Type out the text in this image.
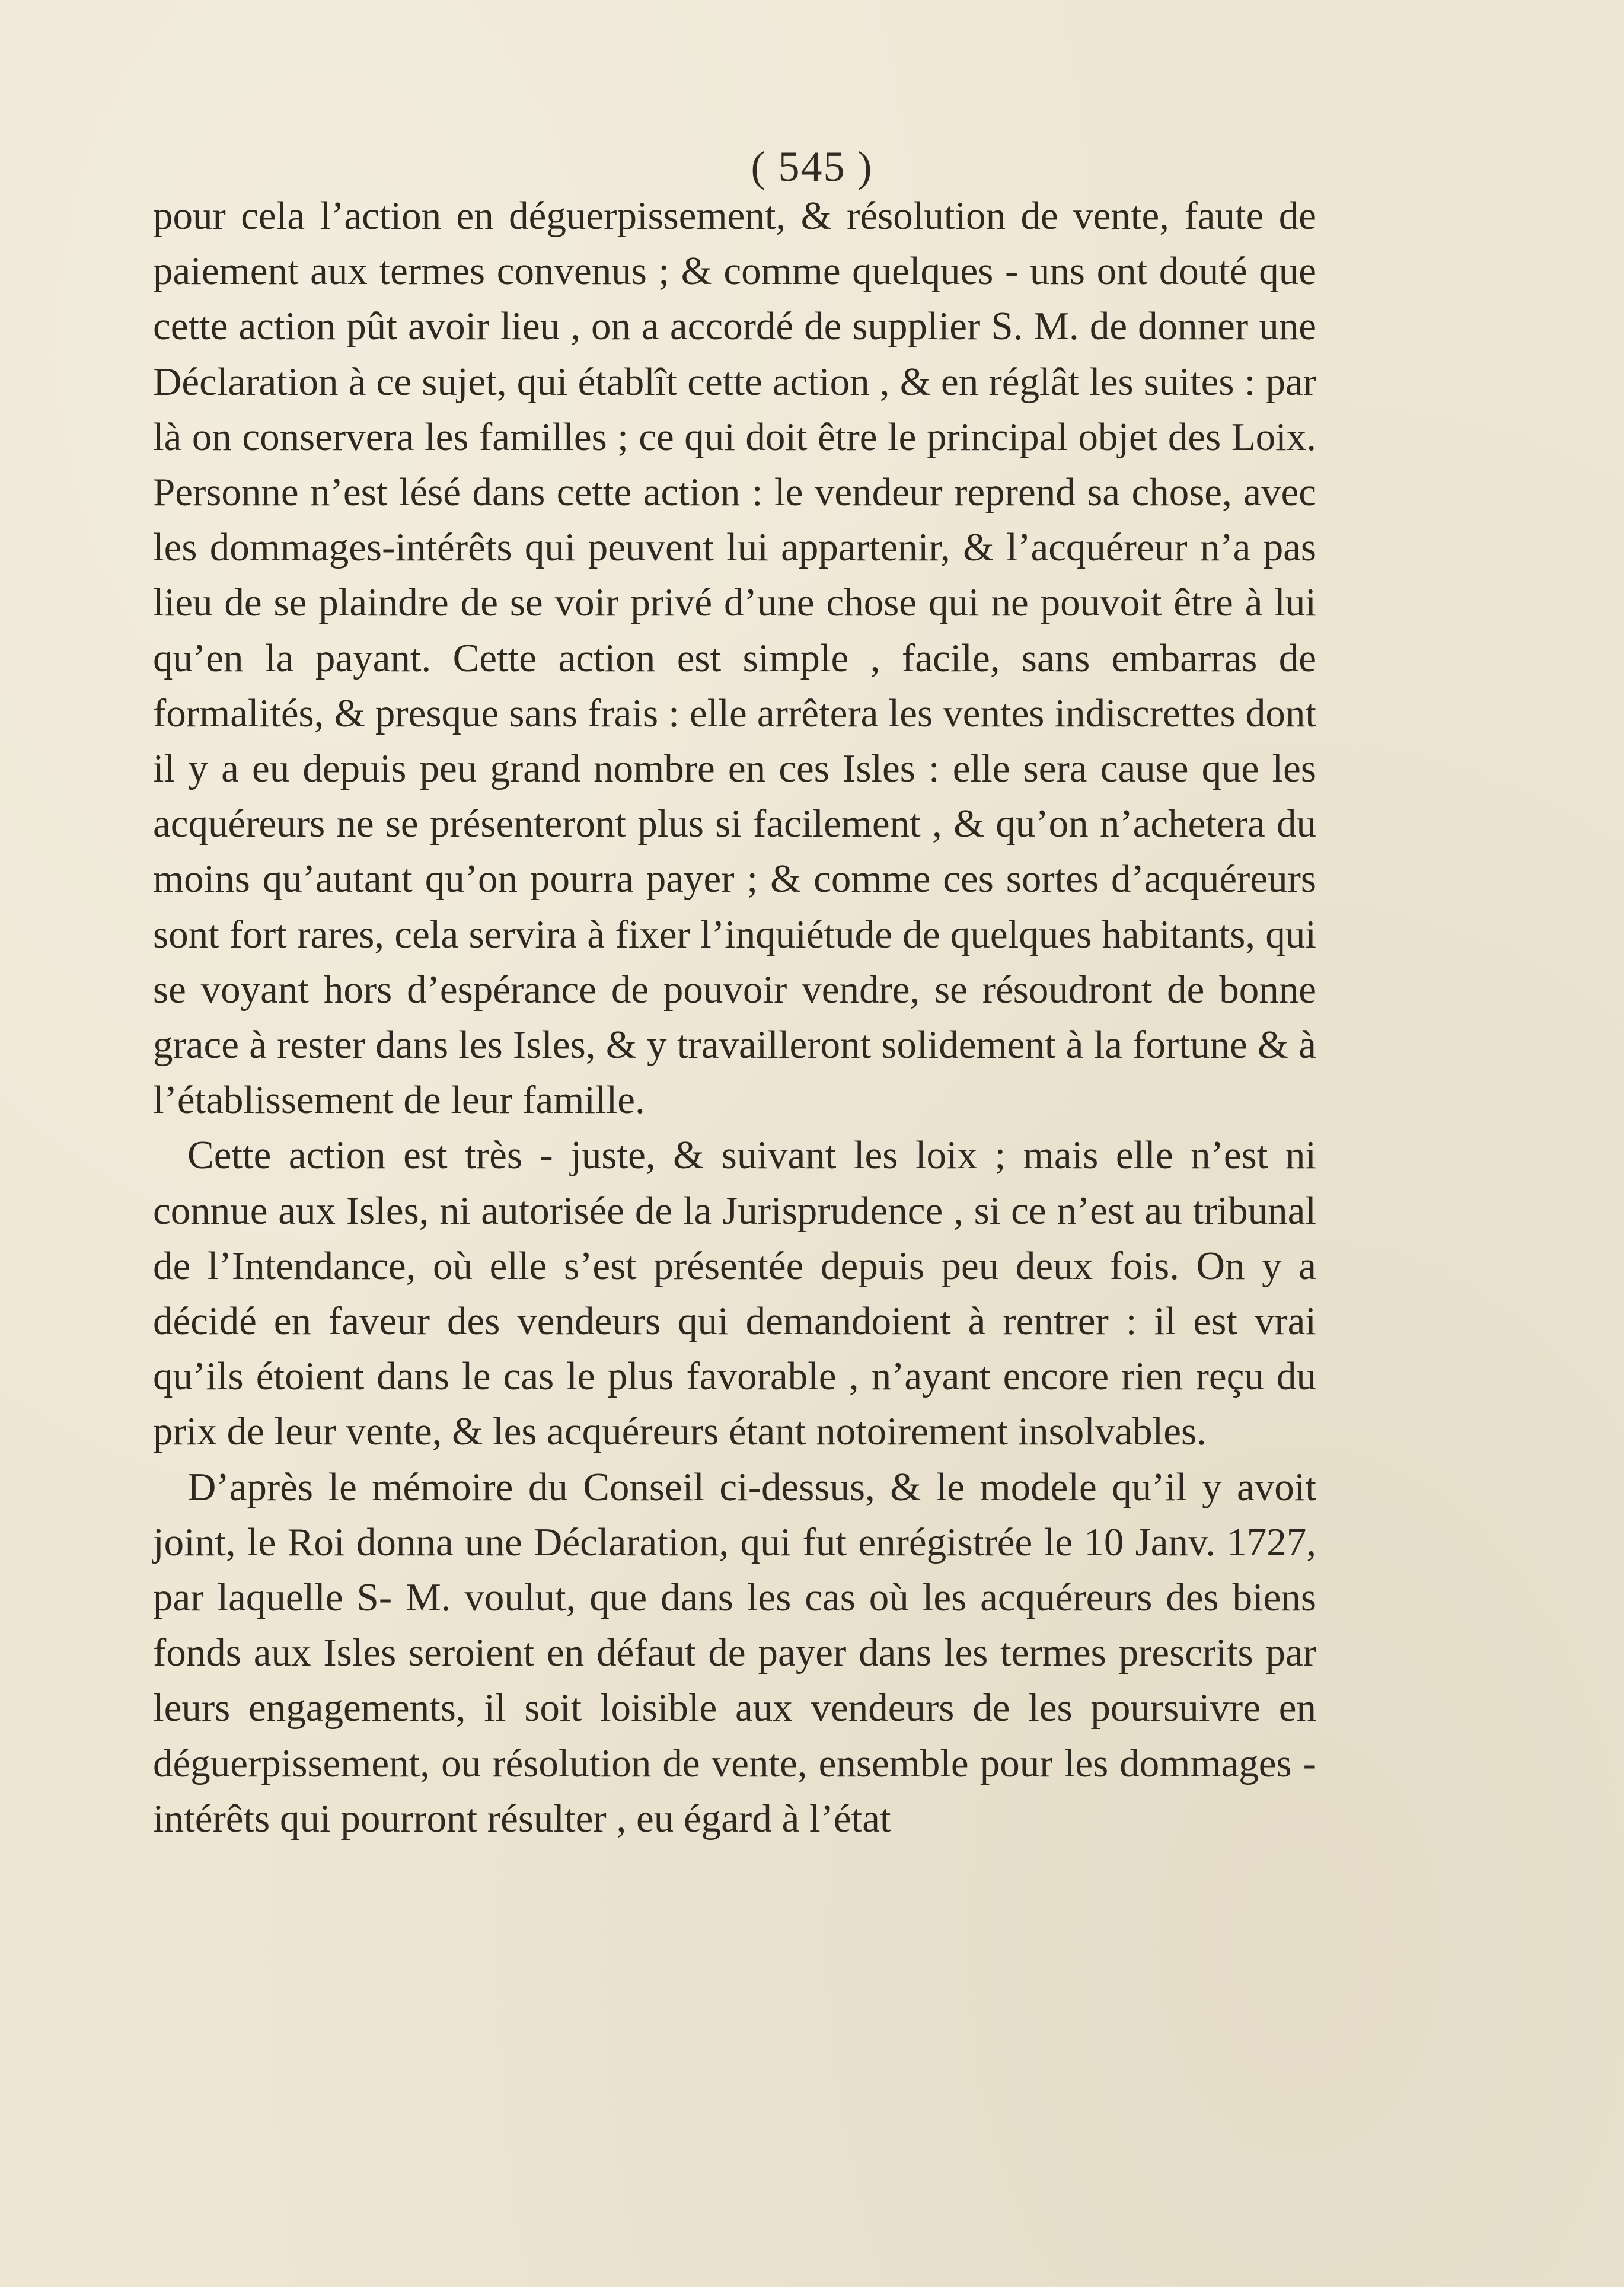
( 545 )

pour cela l’action en déguerpissement, & résolution de vente, faute de paiement aux termes convenus ; & comme quelques - uns ont douté que cette action pût avoir lieu , on a accordé de supplier S. M. de donner une Déclaration à ce sujet, qui établît cette action , & en réglât les suites : par là on conservera les familles ; ce qui doit être le principal objet des Loix. Personne n’est lésé dans cette action : le vendeur reprend sa chose, avec les dommages-intérêts qui peuvent lui appartenir, & l’acquéreur n’a pas lieu de se plaindre de se voir privé d’une chose qui ne pouvoit être à lui qu’en la payant. Cette action est simple , facile, sans embarras de formalités, & presque sans frais : elle arrêtera les ventes indiscrettes dont il y a eu depuis peu grand nombre en ces Isles : elle sera cause que les acquéreurs ne se présenteront plus si facilement , & qu’on n’achetera du moins qu’autant qu’on pourra payer ; & comme ces sortes d’acquéreurs sont fort rares, cela servira à fixer l’inquiétude de quelques habitants, qui se voyant hors d’espérance de pouvoir vendre, se résoudront de bonne grace à rester dans les Isles, & y travailleront solidement à la fortune & à l’établissement de leur famille.

Cette action est très - juste, & suivant les loix ; mais elle n’est ni connue aux Isles, ni autorisée de la Jurisprudence , si ce n’est au tribunal de l’Intendance, où elle s’est présentée depuis peu deux fois. On y a décidé en faveur des vendeurs qui demandoient à rentrer : il est vrai qu’ils étoient dans le cas le plus favorable , n’ayant encore rien reçu du prix de leur vente, & les acquéreurs étant notoirement insolvables.

D’après le mémoire du Conseil ci-dessus, & le modele qu’il y avoit joint, le Roi donna une Déclaration, qui fut enrégistrée le 10 Janv. 1727, par laquelle S- M. voulut, que dans les cas où les acquéreurs des biens fonds aux Isles seroient en défaut de payer dans les termes prescrits par leurs engagements, il soit loisible aux vendeurs de les poursuivre en déguerpissement, ou résolution de vente, ensemble pour les dommages - intérêts qui pourront résulter , eu égard à l’état
